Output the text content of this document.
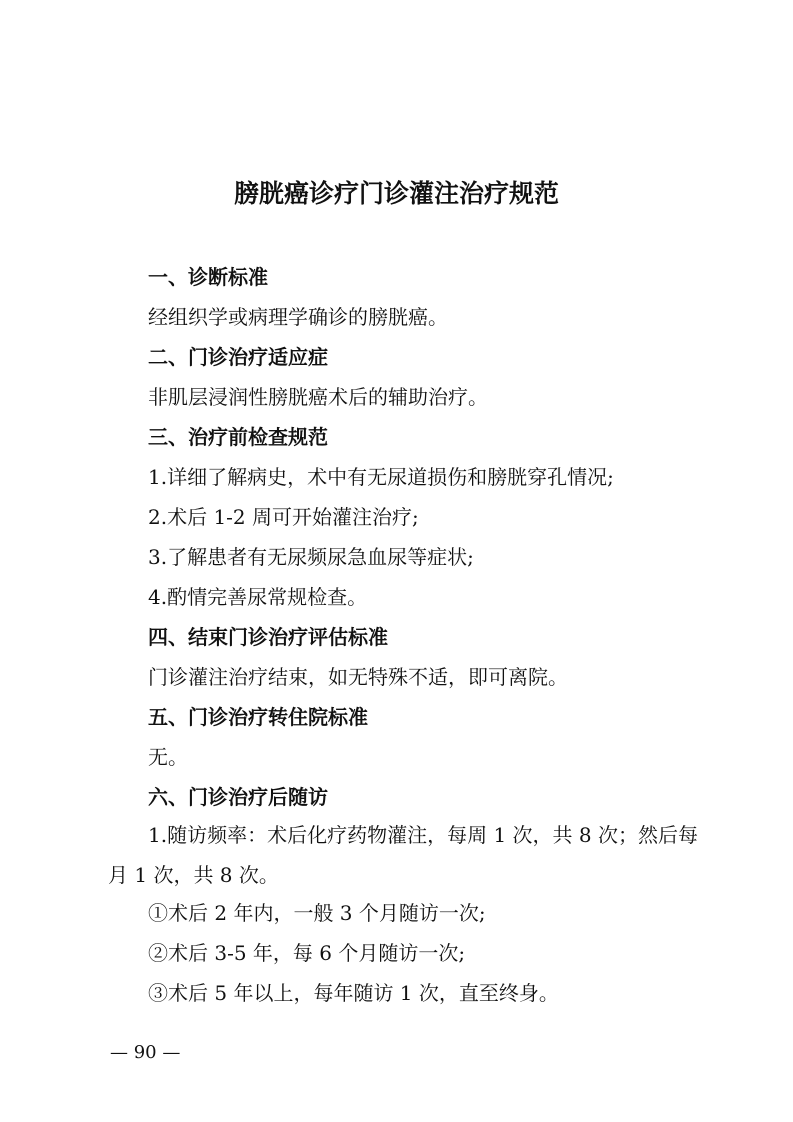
膀胱癌诊疗门诊灌注治疗规范
一、诊断标准
经组织学或病理学确诊的膀胱癌。
二、门诊治疗适应症
非肌层浸润性膀胱癌术后的辅助治疗。
三、治疗前检查规范
1.详细了解病史，术中有无尿道损伤和膀胱穿孔情况;
2.术后 1-2 周可开始灌注治疗;
3.了解患者有无尿频尿急血尿等症状;
4.酌情完善尿常规检查。
四、结束门诊治疗评估标准
门诊灌注治疗结束，如无特殊不适，即可离院。
五、门诊治疗转住院标准
无。
六、门诊治疗后随访

1.随访频率：术后化疗药物灌注，每周 1 次，共 8 次；然后每月 1 次，共 8 次。

①术后 2 年内，一般 3 个月随访一次;
②术后 3-5 年，每 6 个月随访一次;
③术后 5 年以上，每年随访 1 次，直至终身。
— 90 —
